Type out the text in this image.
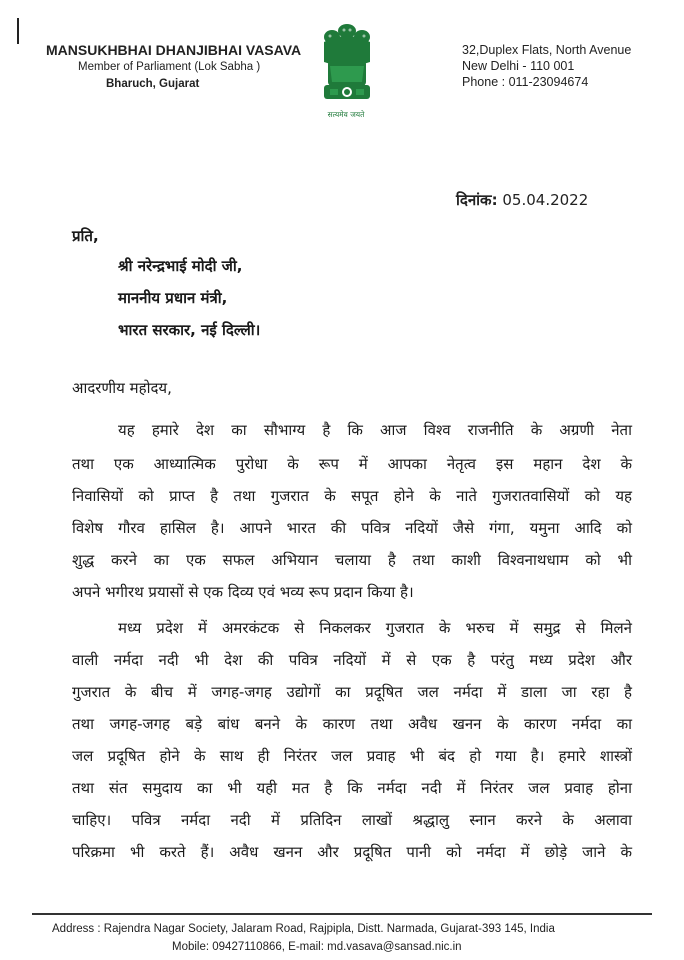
MANSUKHBHAI DHANJIBHAI VASAVA
Member of Parliament (Lok Sabha )
Bharuch, Gujarat
सत्यमेव जयते
32,Duplex Flats, North Avenue
New Delhi - 110 001
Phone : 011-23094674
दिनांक: 05.04.2022
प्रति,
श्री नरेन्द्रभाई मोदी जी,
माननीय प्रधान मंत्री,
भारत सरकार, नई दिल्ली।
आदरणीय महोदय,
यह हमारे देश का सौभाग्य है कि आज विश्व राजनीति के अग्रणी नेता
तथा एक आध्यात्मिक पुरोधा के रूप में आपका नेतृत्व इस महान देश के
निवासियों को प्राप्त है तथा गुजरात के सपूत होने के नाते गुजरातवासियों को यह
विशेष गौरव हासिल है। आपने भारत की पवित्र नदियों जैसे गंगा, यमुना आदि को
शुद्ध करने का एक सफल अभियान चलाया है तथा काशी विश्वनाथधाम को भी
अपने भगीरथ प्रयासों से एक दिव्य एवं भव्य रूप प्रदान किया है।
मध्य प्रदेश में अमरकंटक से निकलकर गुजरात के भरुच में समुद्र से मिलने
वाली नर्मदा नदी भी देश की पवित्र नदियों में से एक है परंतु मध्य प्रदेश और
गुजरात के बीच में जगह-जगह उद्योगों का प्रदूषित जल नर्मदा में डाला जा रहा है
तथा जगह-जगह बड़े बांध बनने के कारण तथा अवैध खनन के कारण नर्मदा का
जल प्रदूषित होने के साथ ही निरंतर जल प्रवाह भी बंद हो गया है। हमारे शास्त्रों
तथा संत समुदाय का भी यही मत है कि नर्मदा नदी में निरंतर जल प्रवाह होना
चाहिए। पवित्र नर्मदा नदी में प्रतिदिन लाखों श्रद्धालु स्नान करने के अलावा
परिक्रमा भी करते हैं। अवैध खनन और प्रदूषित पानी को नर्मदा में छोड़े जाने के
Address : Rajendra Nagar Society, Jalaram Road, Rajpipla, Distt. Narmada, Gujarat-393 145, India
Mobile: 09427110866, E-mail: md.vasava@sansad.nic.in
